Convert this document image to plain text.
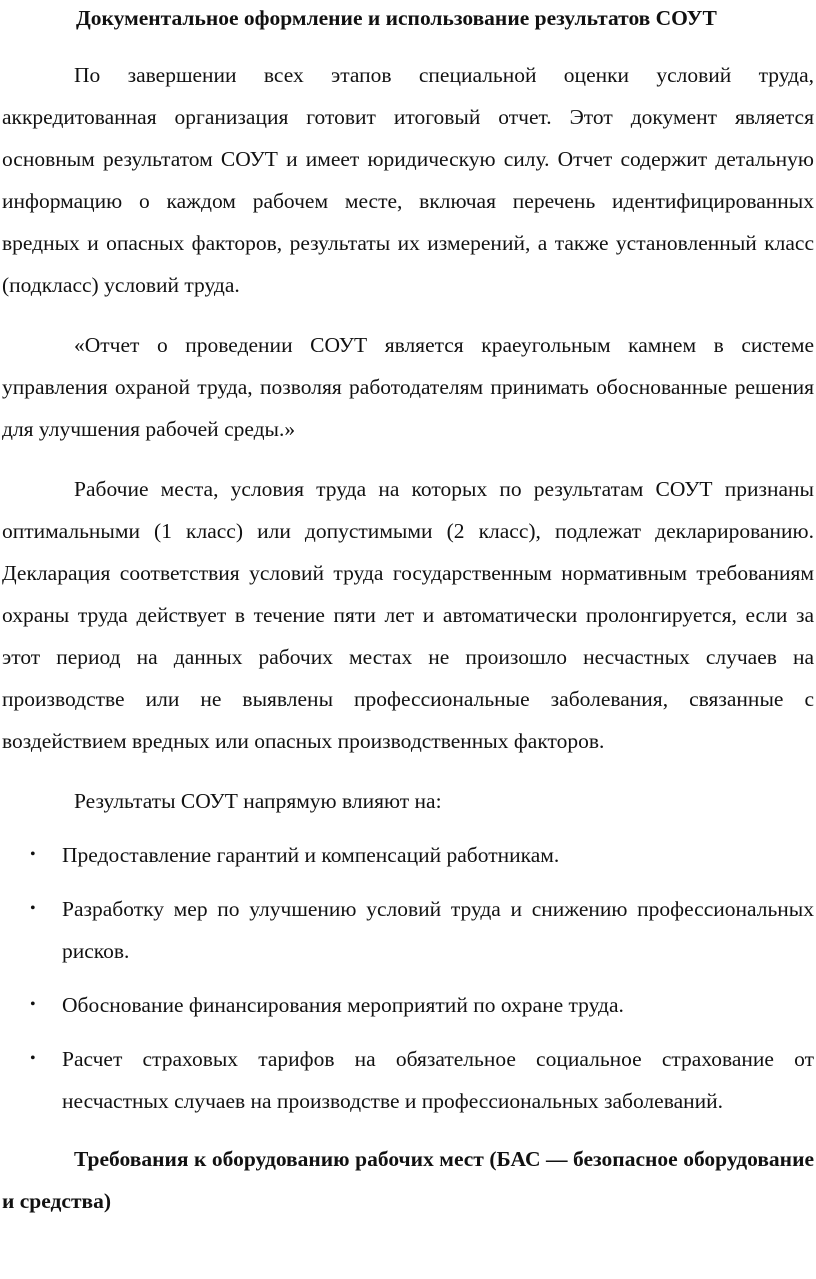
Документальное оформление и использование результатов СОУТ

По завершении всех этапов специальной оценки условий труда, аккредитованная организация готовит итоговый отчет. Этот документ является основным результатом СОУТ и имеет юридическую силу. Отчет содержит детальную информацию о каждом рабочем месте, включая перечень идентифицированных вредных и опасных факторов, результаты их измерений, а также установленный класс (подкласс) условий труда.

«Отчет о проведении СОУТ является краеугольным камнем в системе управления охраной труда, позволяя работодателям принимать обоснованные решения для улучшения рабочей среды.»

Рабочие места, условия труда на которых по результатам СОУТ признаны оптимальными (1 класс) или допустимыми (2 класс), подлежат декларированию. Декларация соответствия условий труда государственным нормативным требованиям охраны труда действует в течение пяти лет и автоматически пролонгируется, если за этот период на данных рабочих местах не произошло несчастных случаев на производстве или не выявлены профессиональные заболевания, связанные с воздействием вредных или опасных производственных факторов.

Результаты СОУТ напрямую влияют на:

• Предоставление гарантий и компенсаций работникам.
• Разработку мер по улучшению условий труда и снижению профессиональных рисков.
• Обоснование финансирования мероприятий по охране труда.
• Расчет страховых тарифов на обязательное социальное страхование от несчастных случаев на производстве и профессиональных заболеваний.
Требования к оборудованию рабочих мест (БАС — безопасное оборудование и средства)
